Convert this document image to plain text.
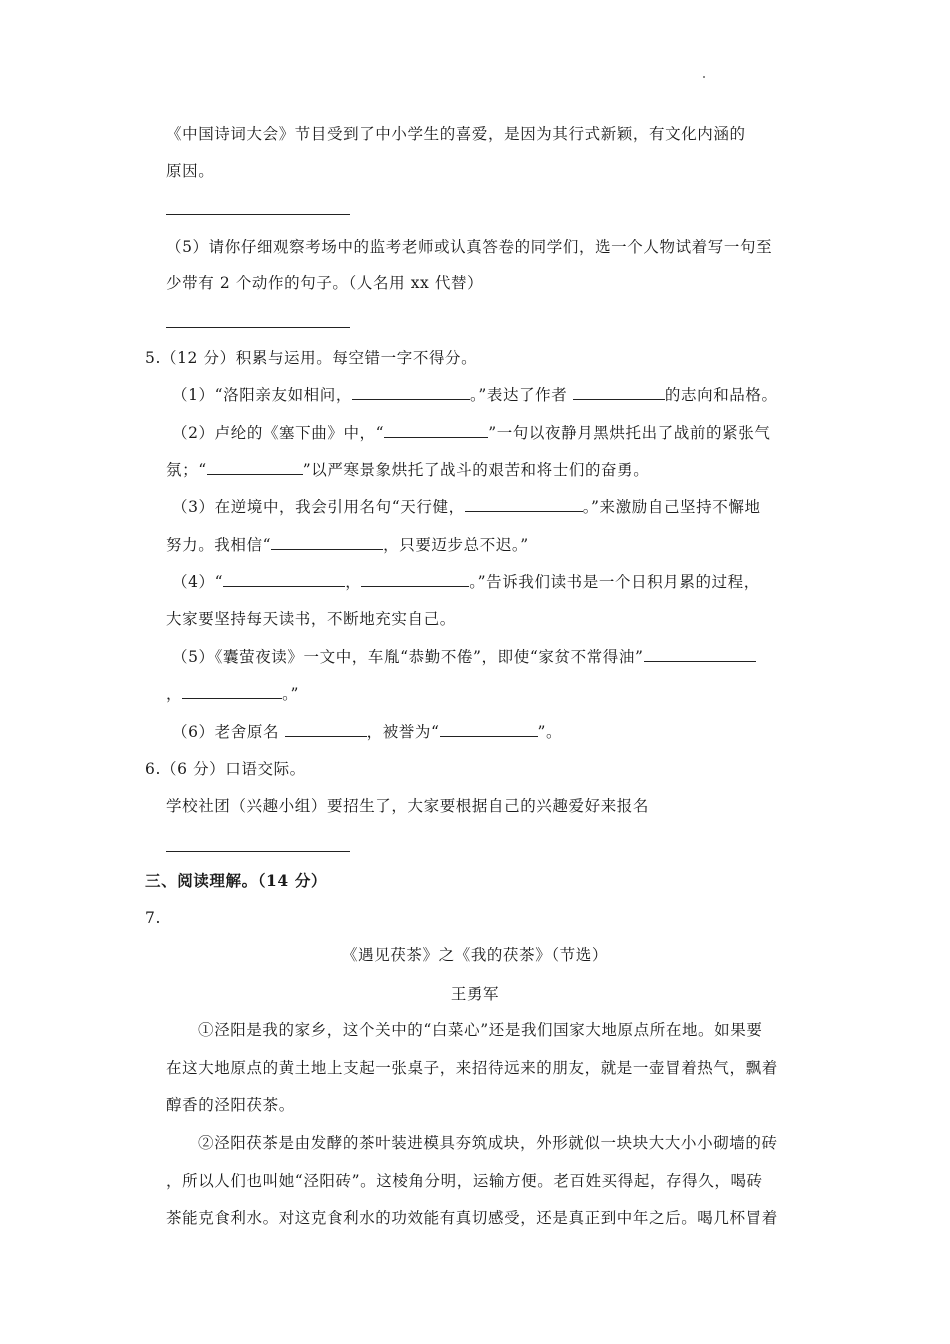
《中国诗词大会》节目受到了中小学生的喜爱，是因为其行式新颖，有文化内涵的
原因。
（5）请你仔细观察考场中的监考老师或认真答卷的同学们，选一个人物试着写一句至
少带有 2 个动作的句子。（人名用 xx 代替）
5.（12 分）积累与运用。每空错一字不得分。
（1）“洛阳亲友如相问，	。”表达了作者	的志向和品格。
（2）卢纶的《塞下曲》中，“	”一句以夜静月黑烘托出了战前的紧张气
氛；“	”以严寒景象烘托了战斗的艰苦和将士们的奋勇。
（3）在逆境中，我会引用名句“天行健，	。”来激励自己坚持不懈地
努力。我相信“	，只要迈步总不迟。”
（4）“	，	。”告诉我们读书是一个日积月累的过程，
大家要坚持每天读书，不断地充实自己。
（5）《囊萤夜读》一文中，车胤“恭勤不倦”，即使“家贫不常得油”
，	。”
（6）老舍原名	，被誉为“	”。
6.（6 分）口语交际。
学校社团（兴趣小组）要招生了，大家要根据自己的兴趣爱好来报名
三、阅读理解。（14 分）
7.
《遇见茯茶》之《我的茯茶》（节选）
王勇军
①泾阳是我的家乡，这个关中的“白菜心”还是我们国家大地原点所在地。如果要
在这大地原点的黄土地上支起一张桌子，来招待远来的朋友，就是一壶冒着热气，飘着
醇香的泾阳茯茶。
②泾阳茯茶是由发酵的茶叶装进模具夯筑成块，外形就似一块块大大小小砌墙的砖
，所以人们也叫她“泾阳砖”。这棱角分明，运输方便。老百姓买得起，存得久，喝砖
茶能克食利水。对这克食利水的功效能有真切感受，还是真正到中年之后。喝几杯冒着
